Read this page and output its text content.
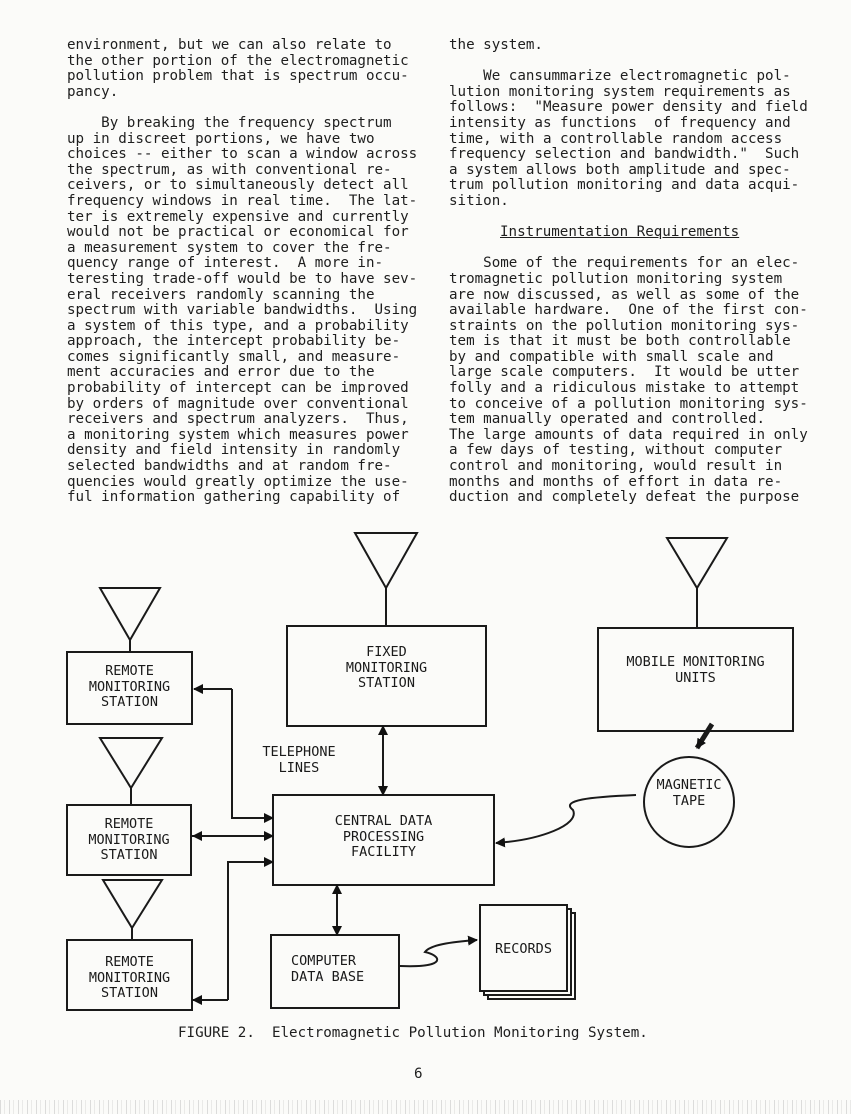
environment, but we can also relate to

the other portion of the electromagnetic

pollution problem that is spectrum occu-

pancy.

By breaking the frequency spectrum

up in discreet portions, we have two

choices -- either to scan a window across

the spectrum, as with conventional re-

ceivers, or to simultaneously detect all

frequency windows in real time.  The lat-

ter is extremely expensive and currently

would not be practical or economical for

a measurement system to cover the fre-

quency range of interest.  A more in-

teresting trade-off would be to have sev-

eral receivers randomly scanning the

spectrum with variable bandwidths.  Using

a system of this type, and a probability

approach, the intercept probability be-

comes significantly small, and measure-

ment accuracies and error due to the

probability of intercept can be improved

by orders of magnitude over conventional

receivers and spectrum analyzers.  Thus,

a monitoring system which measures power

density and field intensity in randomly

selected bandwidths and at random fre-

quencies would greatly optimize the use-

ful information gathering capability of

the system.

We cansummarize electromagnetic pol-

lution monitoring system requirements as

follows:  "Measure power density and field

intensity as functions  of frequency and

time, with a controllable random access

frequency selection and bandwidth."  Such

a system allows both amplitude and spec-

trum pollution monitoring and data acqui-

sition.

Instrumentation Requirements

Some of the requirements for an elec-

tromagnetic pollution monitoring system

are now discussed, as well as some of the

available hardware.  One of the first con-

straints on the pollution monitoring sys-

tem is that it must be both controllable

by and compatible with small scale and

large scale computers.  It would be utter

folly and a ridiculous mistake to attempt

to conceive of a pollution monitoring sys-

tem manually operated and controlled.

The large amounts of data required in only

a few days of testing, without computer

control and monitoring, would result in

months and months of effort in data re-

duction and completely defeat the purpose

REMOTE
MONITORING
STATION
REMOTE
MONITORING
STATION
REMOTE
MONITORING
STATION
FIXED
MONITORING
STATION
MOBILE MONITORING
UNITS
MAGNETIC
TAPE
TELEPHONE
LINES
CENTRAL DATA
PROCESSING
FACILITY
COMPUTER
DATA BASE
RECORDS
FIGURE 2.  Electromagnetic Pollution Monitoring System.
6
